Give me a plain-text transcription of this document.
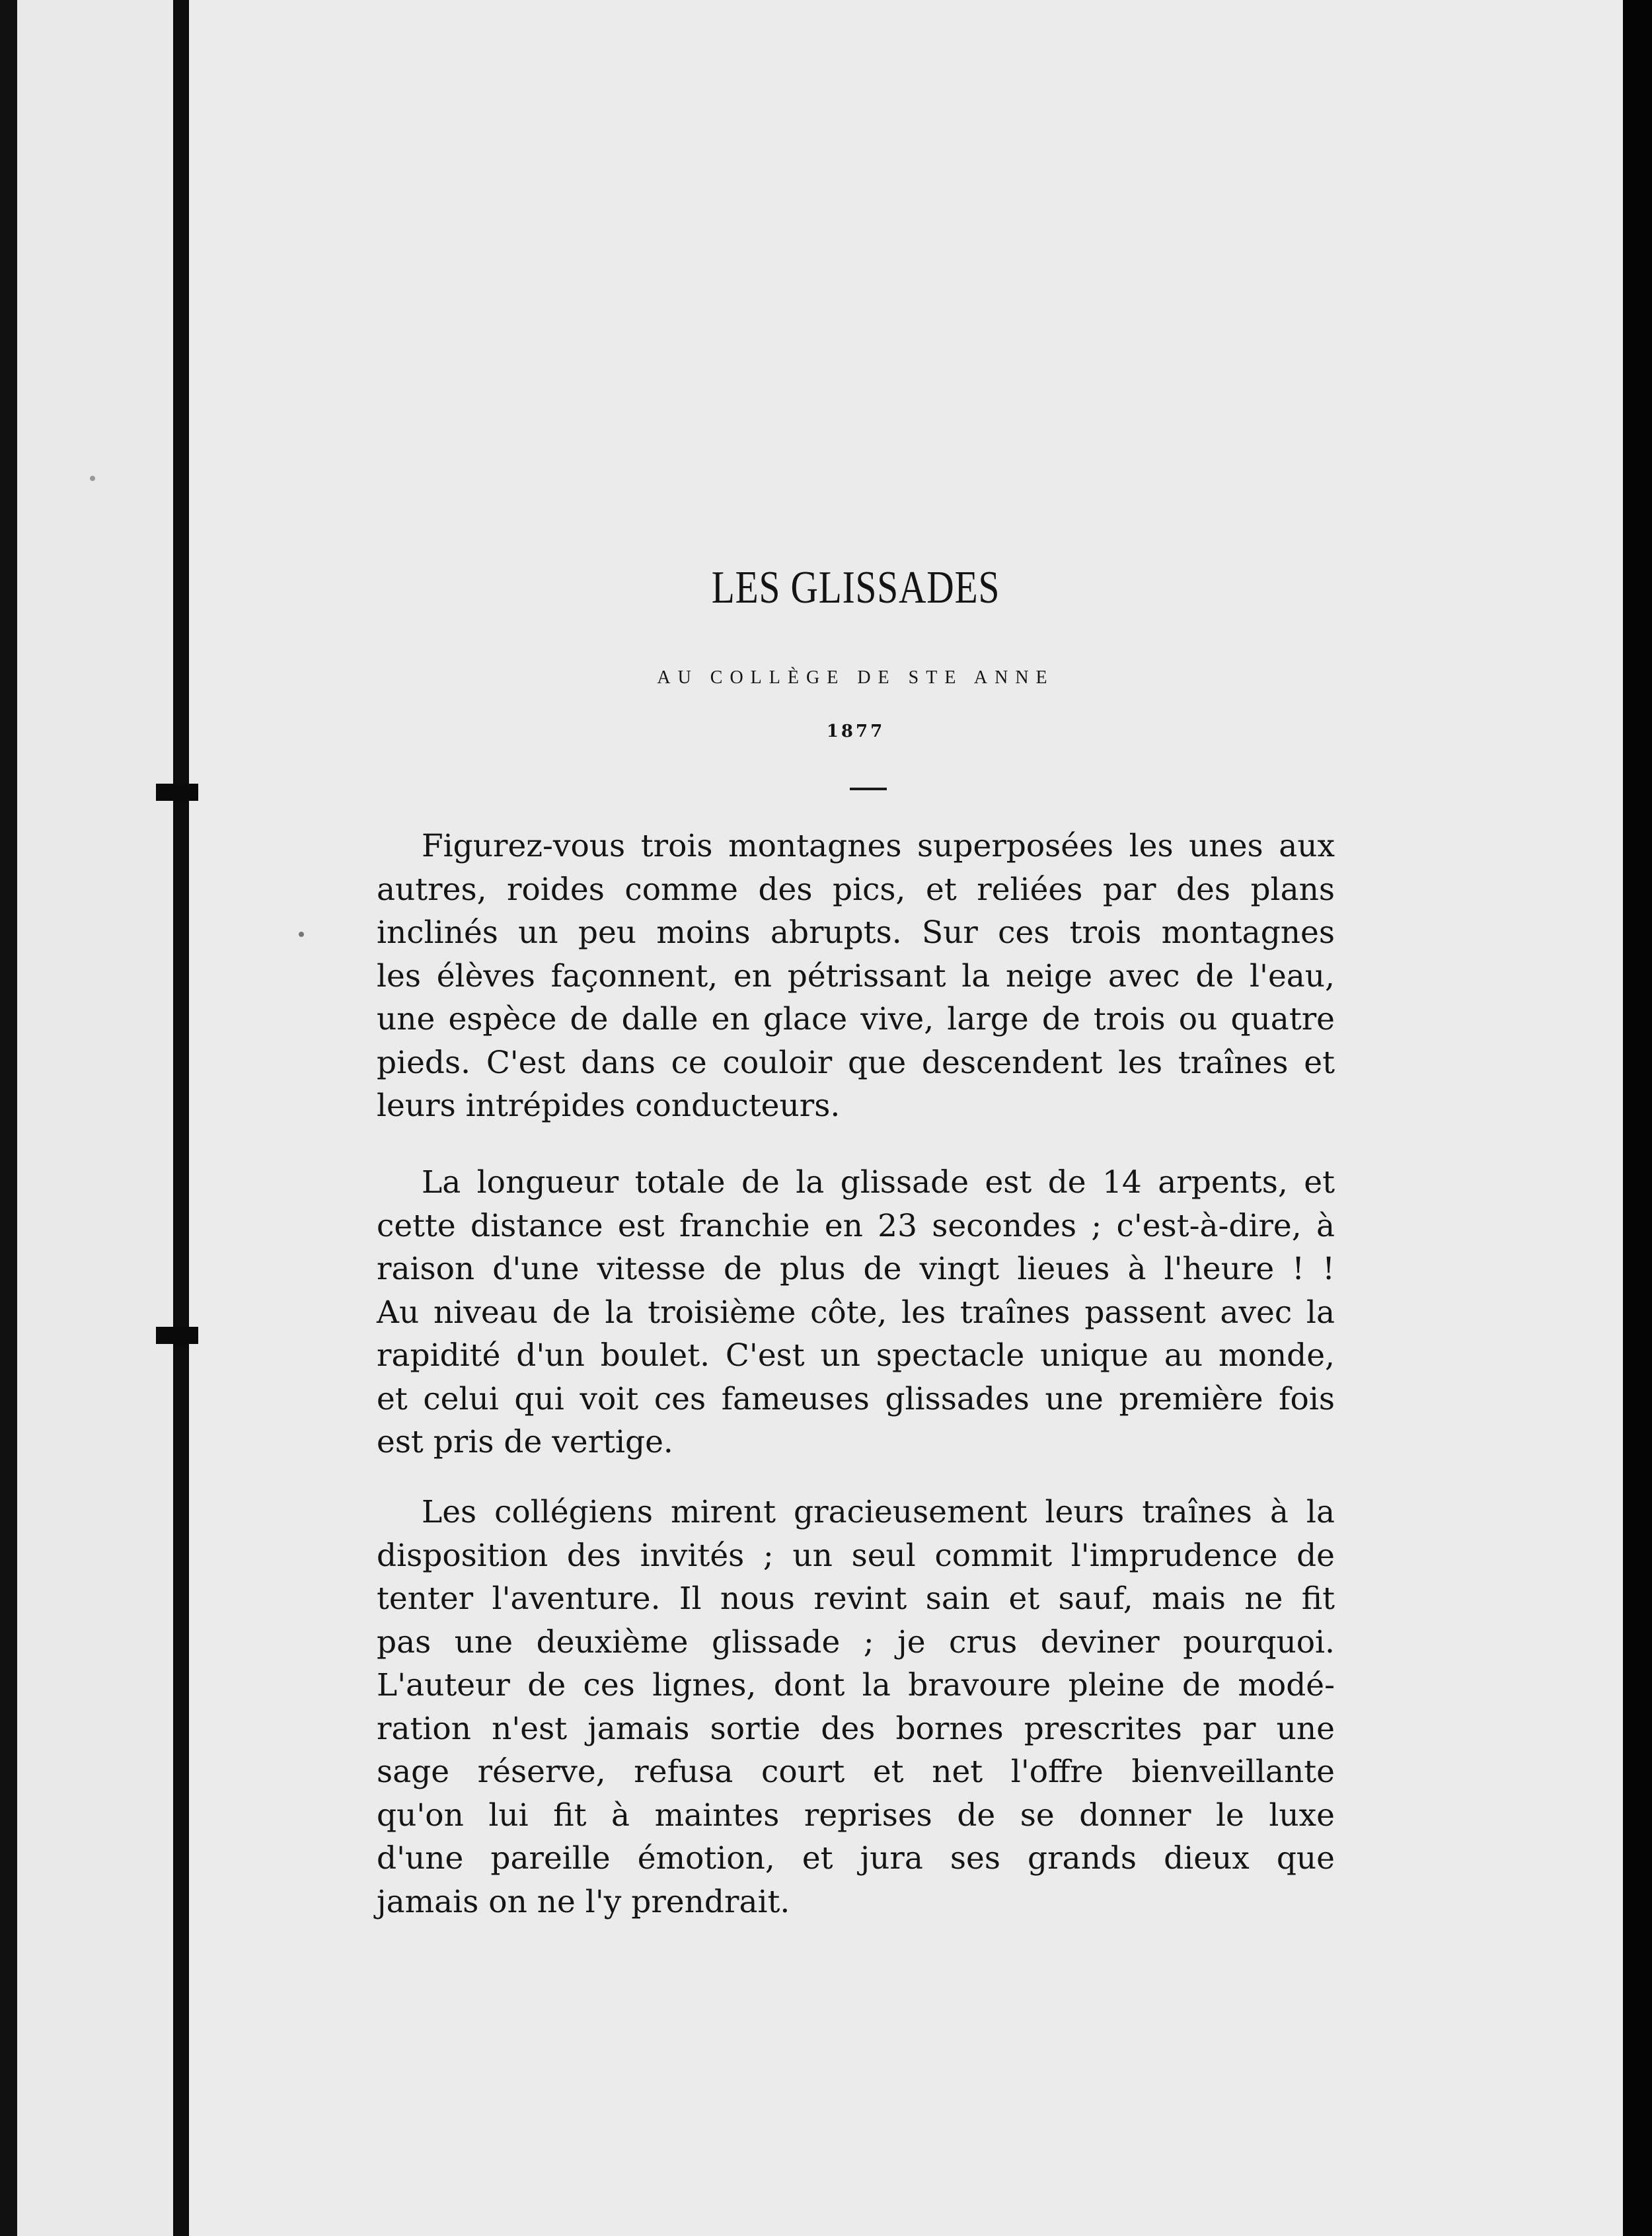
LES GLISSADES
AU COLLÈGE DE STE ANNE
1877
Figurez-vous trois montagnes superposées les unes aux
autres, roides comme des pics, et reliées par des plans
inclinés un peu moins abrupts. Sur ces trois montagnes
les élèves façonnent, en pétrissant la neige avec de l'eau,
une espèce de dalle en glace vive, large de trois ou quatre
pieds. C'est dans ce couloir que descendent les traînes et
leurs intrépides conducteurs.
La longueur totale de la glissade est de 14 arpents, et
cette distance est franchie en 23 secondes ; c'est-à-dire, à
raison d'une vitesse de plus de vingt lieues à l'heure ! !
Au niveau de la troisième côte, les traînes passent avec la
rapidité d'un boulet. C'est un spectacle unique au monde,
et celui qui voit ces fameuses glissades une première fois
est pris de vertige.
Les collégiens mirent gracieusement leurs traînes à la
disposition des invités ; un seul commit l'imprudence de
tenter l'aventure. Il nous revint sain et sauf, mais ne fit
pas une deuxième glissade ; je crus deviner pourquoi.
L'auteur de ces lignes, dont la bravoure pleine de modé-
ration n'est jamais sortie des bornes prescrites par une
sage réserve, refusa court et net l'offre bienveillante
qu'on lui fit à maintes reprises de se donner le luxe
d'une pareille émotion, et jura ses grands dieux que
jamais on ne l'y prendrait.
